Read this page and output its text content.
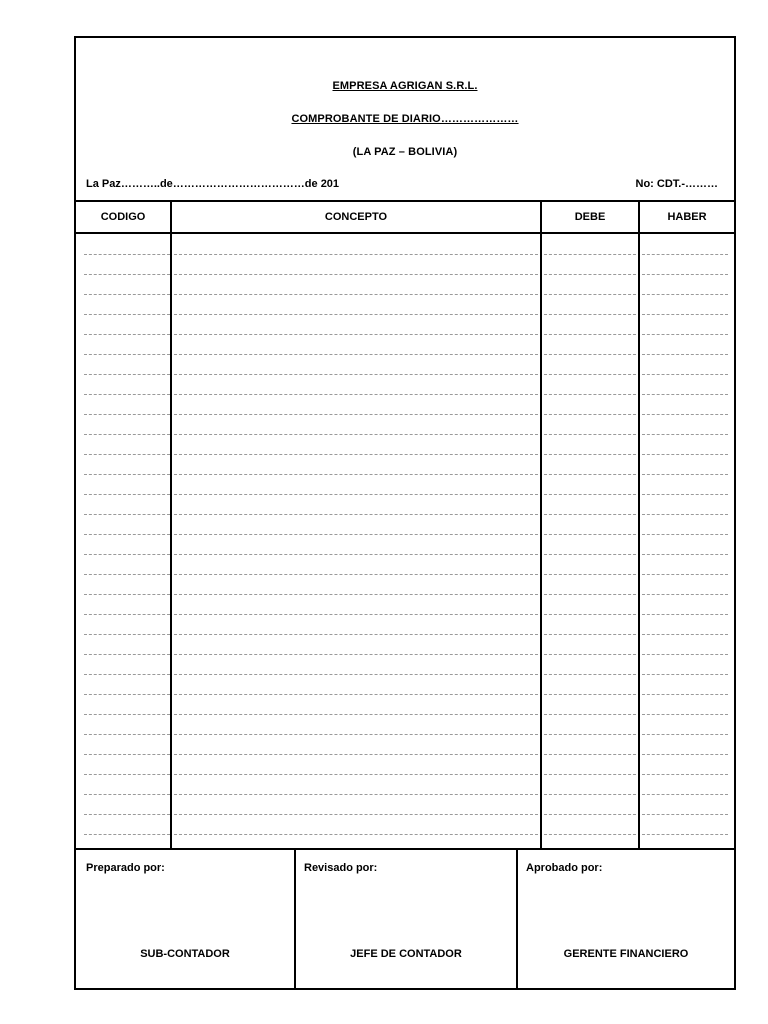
EMPRESA AGRIGAN S.R.L.
COMPROBANTE DE DIARIO…………………
(LA PAZ – BOLIVIA)
La Paz………..de………………………………de 201	No: CDT.-………
CODIGO	CONCEPTO	DEBE	HABER
Preparado por:	Revisado por:	Aprobado por:
SUB-CONTADOR	JEFE DE CONTADOR	GERENTE FINANCIERO
